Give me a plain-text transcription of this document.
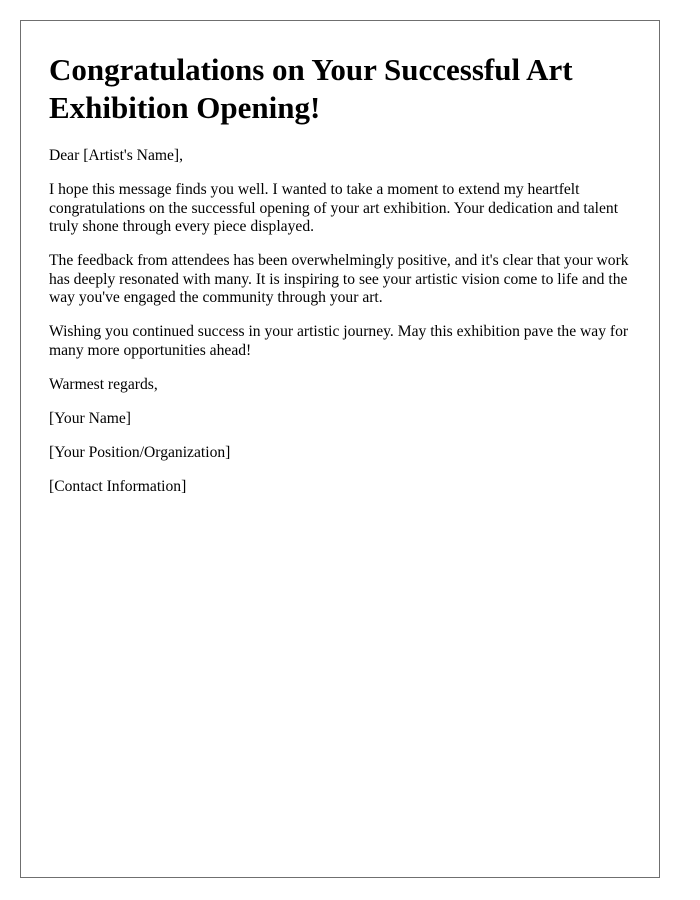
Congratulations on Your Successful Art Exhibition Opening!

Dear [Artist's Name],

I hope this message finds you well. I wanted to take a moment to extend my heartfelt congratulations on the successful opening of your art exhibition. Your dedication and talent truly shone through every piece displayed.

The feedback from attendees has been overwhelmingly positive, and it's clear that your work has deeply resonated with many. It is inspiring to see your artistic vision come to life and the way you've engaged the community through your art.

Wishing you continued success in your artistic journey. May this exhibition pave the way for many more opportunities ahead!

Warmest regards,

[Your Name]

[Your Position/Organization]

[Contact Information]
